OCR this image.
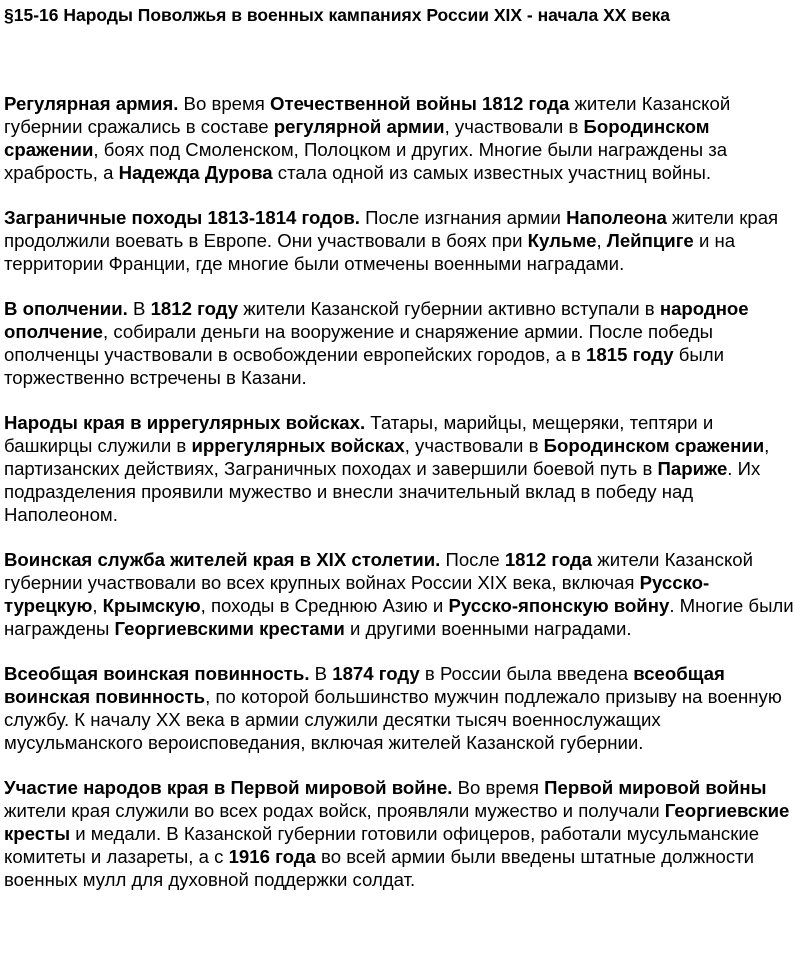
§15-16 Народы Поволжья в военных кампаниях России XIX - начала XX века

Регулярная армия. Во время Отечественной войны 1812 года жители Казанской губернии сражались в составе регулярной армии, участвовали в Бородинском сражении, боях под Смоленском, Полоцком и других. Многие были награждены за храбрость, а Надежда Дурова стала одной из самых известных участниц войны.

Заграничные походы 1813-1814 годов. После изгнания армии Наполеона жители края продолжили воевать в Европе. Они участвовали в боях при Кульме, Лейпциге и на территории Франции, где многие были отмечены военными наградами.

В ополчении. В 1812 году жители Казанской губернии активно вступали в народное ополчение, собирали деньги на вооружение и снаряжение армии. После победы ополченцы участвовали в освобождении европейских городов, а в 1815 году были торжественно встречены в Казани.

Народы края в иррегулярных войсках. Татары, марийцы, мещеряки, тептяри и башкирцы служили в иррегулярных войсках, участвовали в Бородинском сражении, партизанских действиях, Заграничных походах и завершили боевой путь в Париже. Их подразделения проявили мужество и внесли значительный вклад в победу над Наполеоном.

Воинская служба жителей края в XIX столетии. После 1812 года жители Казанской губернии участвовали во всех крупных войнах России XIX века, включая Русско-турецкую, Крымскую, походы в Среднюю Азию и Русско-японскую войну. Многие были награждены Георгиевскими крестами и другими военными наградами.

Всеобщая воинская повинность. В 1874 году в России была введена всеобщая воинская повинность, по которой большинство мужчин подлежало призыву на военную службу. К началу XX века в армии служили десятки тысяч военнослужащих мусульманского вероисповедания, включая жителей Казанской губернии.

Участие народов края в Первой мировой войне. Во время Первой мировой войны жители края служили во всех родах войск, проявляли мужество и получали Георгиевские кресты и медали. В Казанской губернии готовили офицеров, работали мусульманские комитеты и лазареты, а с 1916 года во всей армии были введены штатные должности военных мулл для духовной поддержки солдат.
